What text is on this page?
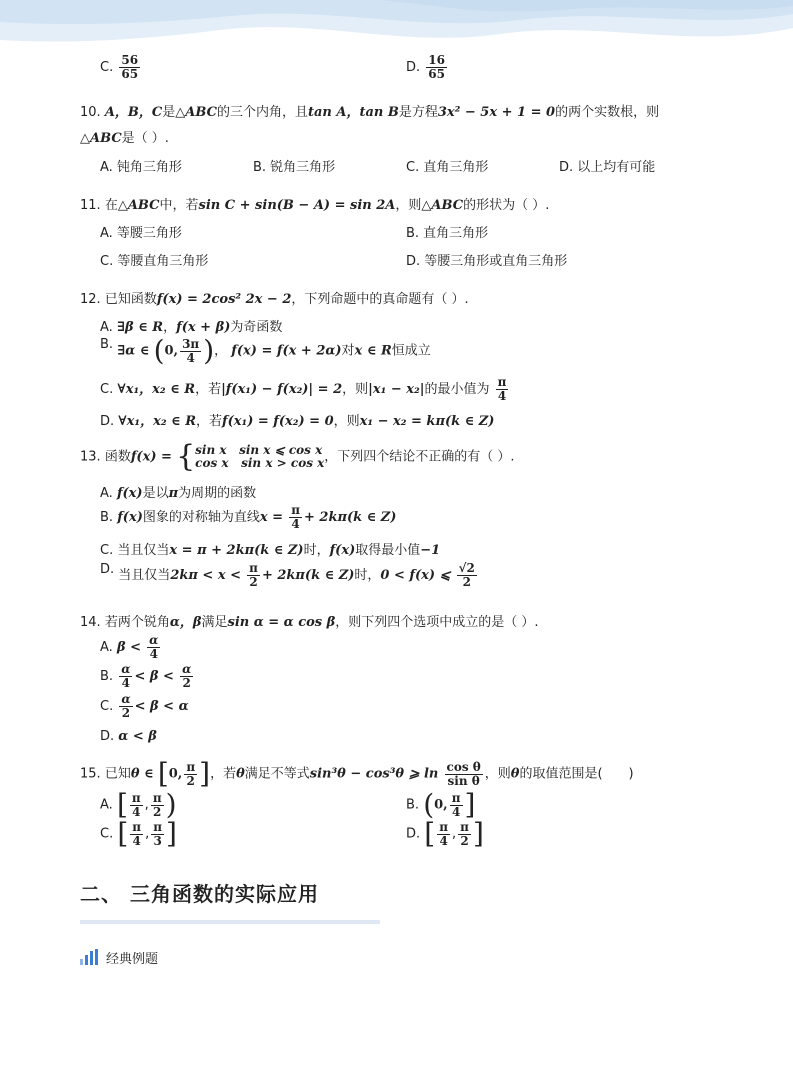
C. $\frac{56}{65}$	D. $\frac{16}{65}$
10. A，B，C是△ABC的三个内角，且tan A，tan B是方程3x² − 5x + 1 = 0的两个实数根，则
△ABC是（ ）.
A. 钝角三角形	B. 锐角三角形	C. 直角三角形	D. 以上均有可能
11. 在△ABC中，若sin C + sin(B − A) = sin 2A，则△ABC的形状为（ ）.
A. 等腰三角形	B. 直角三角形
C. 等腰直角三角形	D. 等腰三角形或直角三角形
12. 已知函数f(x) = 2cos² 2x − 2，下列命题中的真命题有（ ）.
A. ∃β ∈ R，f(x + β)为奇函数
B. ∃α ∈ (0, $\frac{3\pi}{4}$ )， f(x) = f(x + 2α)对x ∈ R恒成立
C. ∀x₁，x₂ ∈ R，若|f(x₁) − f(x₂)| = 2，则|x₁ − x₂|的最小值为 $\frac{\pi}{4}$
D. ∀x₁，x₂ ∈ R，若f(x₁) = f(x₂) = 0，则x₁ − x₂ = kπ(k ∈ Z)
13. 函数f(x) = { sin x sin x ⩽ cos x
cos x sin x > cos x ，下列四个结论不正确的有（ ）.
A. f(x)是以π为周期的函数
B. f(x)图象的对称轴为直线$x = \frac{\pi}{4} + 2k\pi(k$ ∈ Z)
C. 当且仅当x = π + 2kπ(k ∈ Z)时，f(x)取得最小值−1
D. 当且仅当$2k\pi < x < \frac{\pi}{2} + 2k\pi(k$ ∈ Z)时，0 < f(x) ⩽ $\frac{√2}{2}$
14. 若两个锐角α，β满足sin α = α cos β，则下列四个选项中成立的是（ ）.
A. $\beta < \frac{\alpha}{4}$
B. $\frac{\alpha}{4} < \beta < \frac{\alpha}{2}$
C. $\frac{\alpha}{2} < \beta < \alpha$
D. α < β
15. 已知θ ∈ [0, $\frac{\pi}{2}$ ]，若θ满足不等式sin³θ − cos³θ ⩾ $\ln \frac{\text{cos θ}}{\text{sin θ}}$ ，则θ的取值范围是(　　)
A. [ $\frac{\pi}{4}$ , $\frac{\pi}{2}$ )	B. (0, $\frac{\pi}{4}$ ]
C. [ $\frac{\pi}{4}$ , $\frac{\pi}{3}$ ]	D. [ $\frac{\pi}{4}$ , $\frac{\pi}{2}$ ]
二、 三角函数的实际应用
经典例题
